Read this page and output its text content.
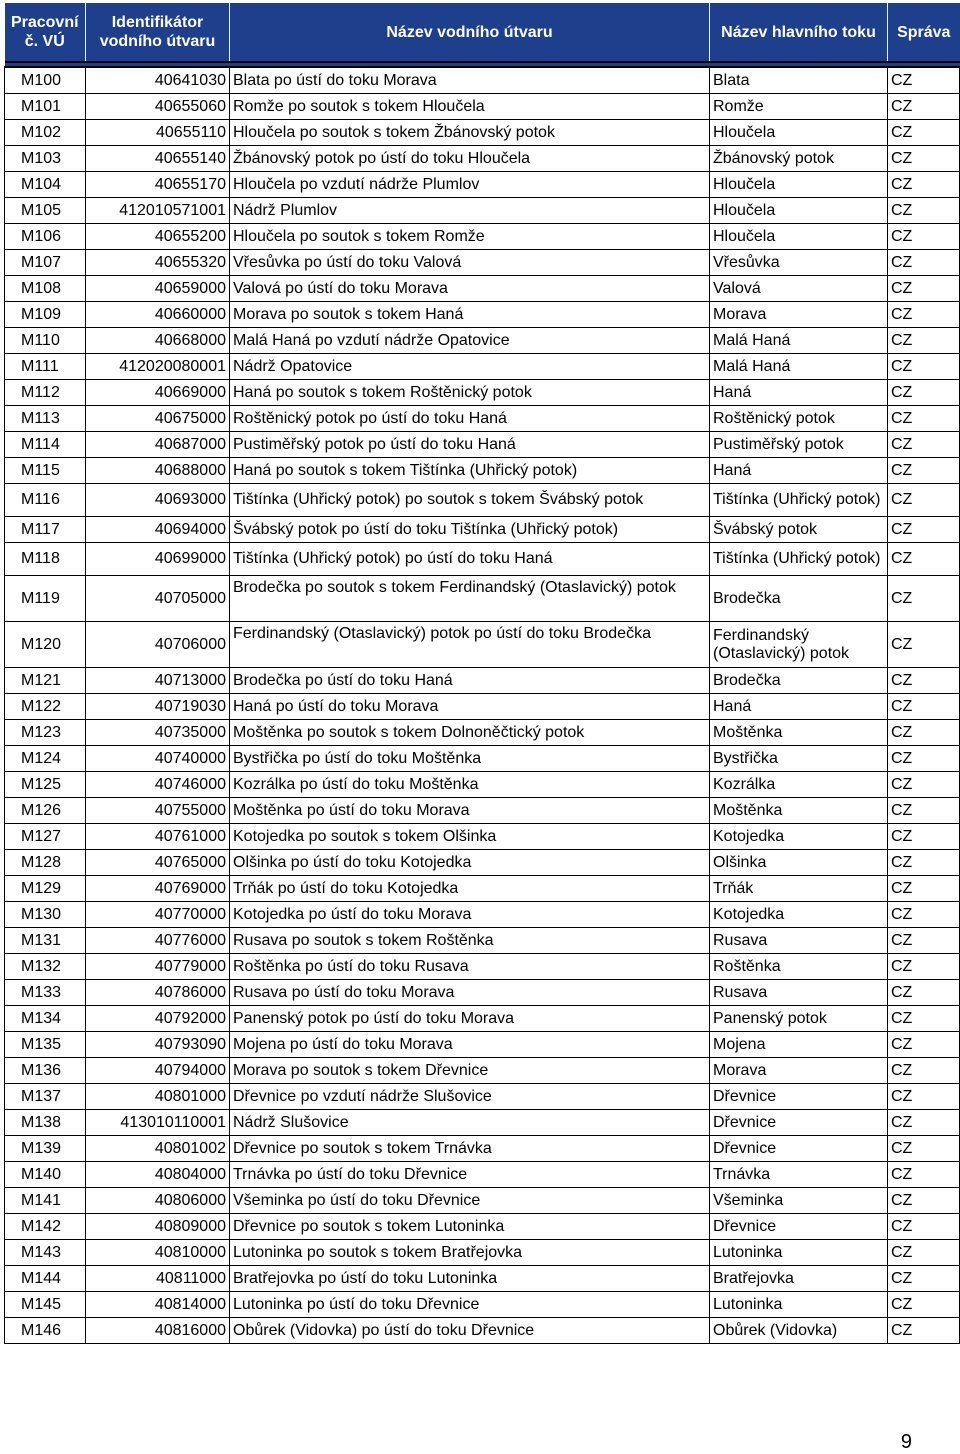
Pracovní č. VÚ	Identifikátor vodního útvaru	Název vodního útvaru	Název hlavního toku	Správa

M100	40641030	Blata po ústí do toku Morava	Blata	CZ
M101	40655060	Romže po soutok s tokem Hloučela	Romže	CZ
M102	40655110	Hloučela po soutok s tokem Žbánovský potok	Hloučela	CZ
M103	40655140	Žbánovský potok po ústí do toku Hloučela	Žbánovský potok	CZ
M104	40655170	Hloučela po vzdutí nádrže Plumlov	Hloučela	CZ
M105	412010571001	Nádrž Plumlov	Hloučela	CZ
M106	40655200	Hloučela po soutok s tokem Romže	Hloučela	CZ
M107	40655320	Vřesůvka po ústí do toku Valová	Vřesůvka	CZ
M108	40659000	Valová po ústí do toku Morava	Valová	CZ
M109	40660000	Morava po soutok s tokem Haná	Morava	CZ
M110	40668000	Malá Haná po vzdutí nádrže Opatovice	Malá Haná	CZ
M111	412020080001	Nádrž Opatovice	Malá Haná	CZ
M112	40669000	Haná po soutok s tokem Roštěnický potok	Haná	CZ
M113	40675000	Roštěnický potok po ústí do toku Haná	Roštěnický potok	CZ
M114	40687000	Pustiměřský potok po ústí do toku Haná	Pustiměřský potok	CZ
M115	40688000	Haná po soutok s tokem Tištínka (Uhřický potok)	Haná	CZ
M116	40693000	Tištínka (Uhřický potok) po soutok s tokem Švábský potok	Tištínka (Uhřický potok)	CZ
M117	40694000	Švábský potok po ústí do toku Tištínka (Uhřický potok)	Švábský potok	CZ
M118	40699000	Tištínka (Uhřický potok) po ústí do toku Haná	Tištínka (Uhřický potok)	CZ
M119	40705000	Brodečka po soutok s tokem Ferdinandský (Otaslavický) potok	Brodečka	CZ
M120	40706000	Ferdinandský (Otaslavický) potok po ústí do toku Brodečka	Ferdinandský (Otaslavický) potok	CZ
M121	40713000	Brodečka po ústí do toku Haná	Brodečka	CZ
M122	40719030	Haná po ústí do toku Morava	Haná	CZ
M123	40735000	Moštěnka po soutok s tokem Dolnoněčtický potok	Moštěnka	CZ
M124	40740000	Bystřička po ústí do toku Moštěnka	Bystřička	CZ
M125	40746000	Kozrálka po ústí do toku Moštěnka	Kozrálka	CZ
M126	40755000	Moštěnka po ústí do toku Morava	Moštěnka	CZ
M127	40761000	Kotojedka po soutok s tokem Olšinka	Kotojedka	CZ
M128	40765000	Olšinka po ústí do toku Kotojedka	Olšinka	CZ
M129	40769000	Trňák po ústí do toku Kotojedka	Trňák	CZ
M130	40770000	Kotojedka po ústí do toku Morava	Kotojedka	CZ
M131	40776000	Rusava po soutok s tokem Roštěnka	Rusava	CZ
M132	40779000	Roštěnka po ústí do toku Rusava	Roštěnka	CZ
M133	40786000	Rusava po ústí do toku Morava	Rusava	CZ
M134	40792000	Panenský potok po ústí do toku Morava	Panenský potok	CZ
M135	40793090	Mojena po ústí do toku Morava	Mojena	CZ
M136	40794000	Morava po soutok s tokem Dřevnice	Morava	CZ
M137	40801000	Dřevnice po vzdutí nádrže Slušovice	Dřevnice	CZ
M138	413010110001	Nádrž Slušovice	Dřevnice	CZ
M139	40801002	Dřevnice po soutok s tokem Trnávka	Dřevnice	CZ
M140	40804000	Trnávka po ústí do toku Dřevnice	Trnávka	CZ
M141	40806000	Všeminka po ústí do toku Dřevnice	Všeminka	CZ
M142	40809000	Dřevnice po soutok s tokem Lutoninka	Dřevnice	CZ
M143	40810000	Lutoninka po soutok s tokem Bratřejovka	Lutoninka	CZ
M144	40811000	Bratřejovka po ústí do toku Lutoninka	Bratřejovka	CZ
M145	40814000	Lutoninka po ústí do toku Dřevnice	Lutoninka	CZ
M146	40816000	Obůrek (Vidovka) po ústí do toku Dřevnice	Obůrek (Vidovka)	CZ
9
